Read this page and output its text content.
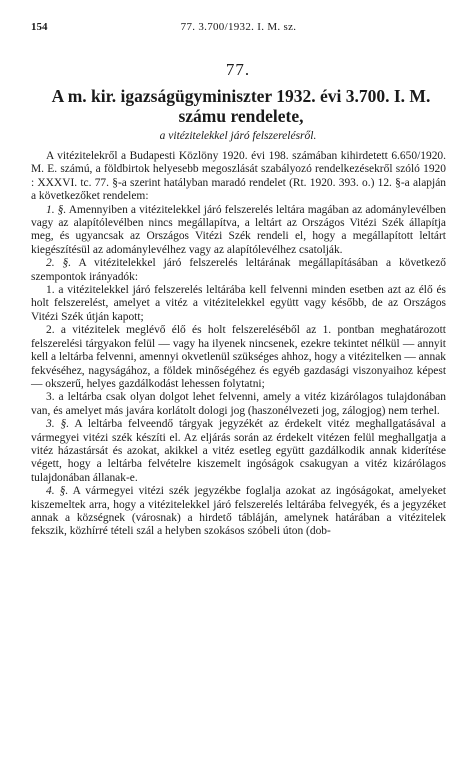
154	77. 3.700/1932. I. M. sz.
77.
A m. kir. igazságügyminiszter 1932. évi 3.700. I. M. számu rendelete,
a vitézitelekkel járó felszerelésről.

A vitézitelekről a Budapesti Közlöny 1920. évi 198. számában kihirdetett 6.650/1920. M. E. számú, a földbirtok helyesebb megoszlását szabályozó rendelkezésekről szóló 1920 : XXXVI. tc. 77. §-a szerint hatályban maradó rendelet (Rt. 1920. 393. o.) 12. §-a alapján a következőket rendelem:

1. §. Amennyiben a vitézitelekkel járó felszerelés leltára magában az adománylevélben vagy az alapítólevélben nincs megállapítva, a leltárt az Országos Vitézi Szék állapítja meg, és ugyancsak az Országos Vitézi Szék rendeli el, hogy a megállapított leltárt kiegészítésül az adománylevélhez vagy az alapítólevélhez csatolják.

2. §. A vitézitelekkel járó felszerelés leltárának megállapításában a következő szempontok irányadók:

1. a vitézitelekkel járó felszerelés leltárába kell felvenni minden esetben azt az élő és holt felszerelést, amelyet a vitéz a vitézitelekkel együtt vagy később, de az Országos Vitézi Szék útján kapott;

2. a vitézitelek meglévő élő és holt felszereléséből az 1. pontban meghatározott felszerelési tárgyakon felül — vagy ha ilyenek nincsenek, ezekre tekintet nélkül — annyit kell a leltárba felvenni, amennyi okvetlenül szükséges ahhoz, hogy a vitézitelken — annak fekvéséhez, nagyságához, a földek minőségéhez és egyéb gazdasági viszonyaihoz képest — okszerű, helyes gazdálkodást lehessen folytatni;

3. a leltárba csak olyan dolgot lehet felvenni, amely a vitéz kizárólagos tulajdonában van, és amelyet más javára korlátolt dologi jog (haszonélvezeti jog, zálogjog) nem terhel.

3. §. A leltárba felveendő tárgyak jegyzékét az érdekelt vitéz meghallgatásával a vármegyei vitézi szék készíti el. Az eljárás során az érdekelt vitézen felül meghallgatja a vitéz házastársát és azokat, akikkel a vitéz esetleg együtt gazdálkodik annak kiderítése végett, hogy a leltárba felvételre kiszemelt ingóságok csakugyan a vitéz kizárólagos tulajdonában állanak-e.

4. §. A vármegyei vitézi szék jegyzékbe foglalja azokat az ingóságokat, amelyeket kiszemeltek arra, hogy a vitézitelekkel járó felszerelés leltárába felvegyék, és a jegyzéket annak a községnek (városnak) a hirdető tábláján, amelynek határában a vitézitelek fekszik, közhírré tételi szál a helyben szokásos szóbeli úton (dob-
